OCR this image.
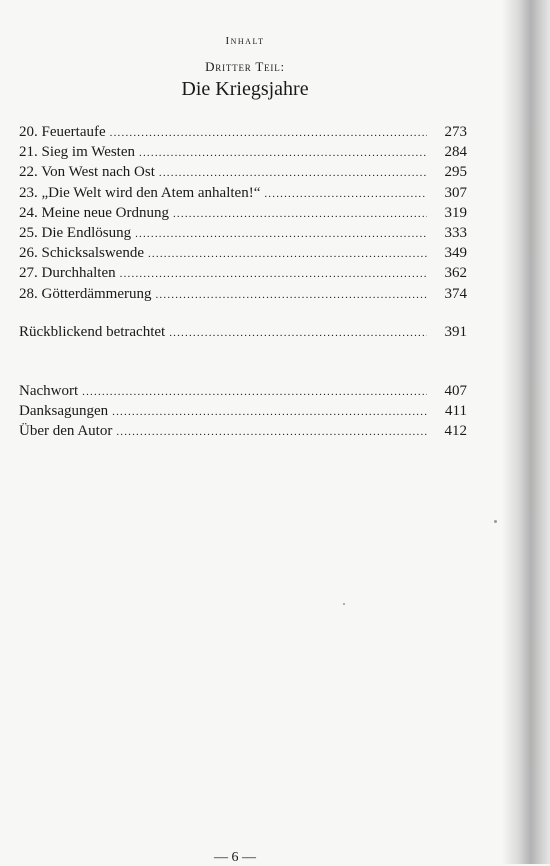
Inhalt
Dritter Teil:
Die Kriegsjahre
20. Feuertaufe .....	273
21. Sieg im Westen .....	284
22. Von West nach Ost .....	295
23. „Die Welt wird den Atem anhalten!“ .....	307
24. Meine neue Ordnung .....	319
25. Die Endlösung .....	333
26. Schicksalswende .....	349
27. Durchhalten .....	362
28. Götterdämmerung .....	374
Rückblickend betrachtet .....	391
Nachwort .....	407
Danksagungen .....	411
Über den Autor .....	412
— 6 —
